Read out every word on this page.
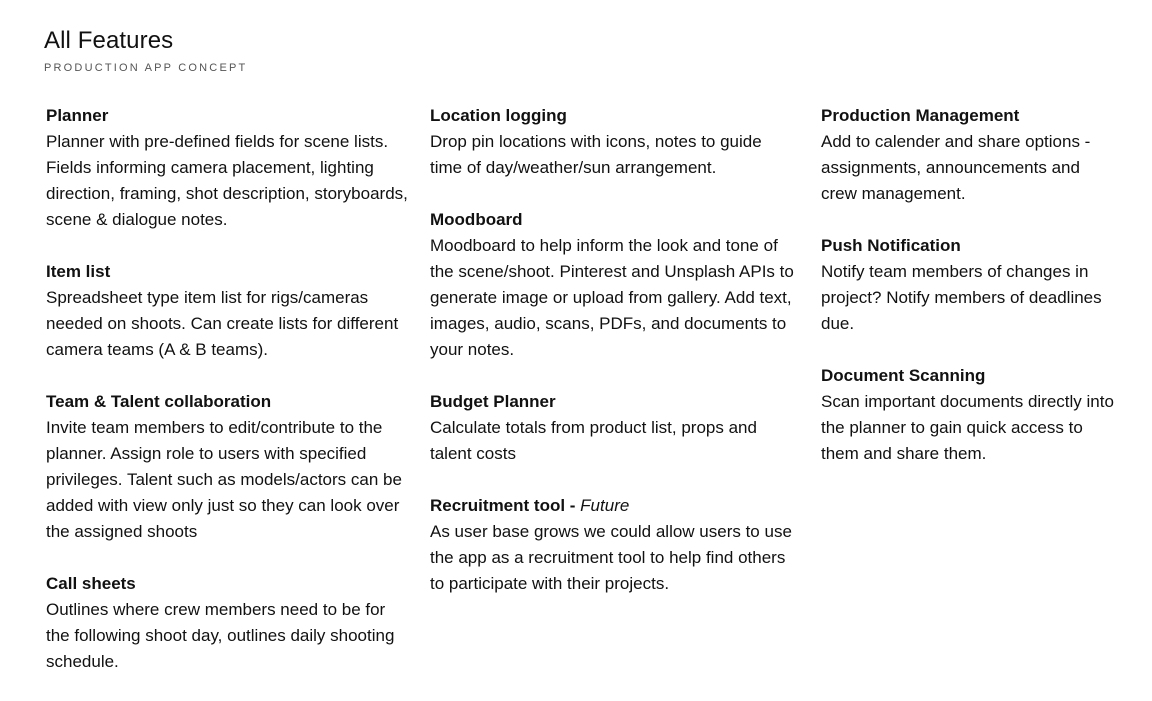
All Features
PRODUCTION APP CONCEPT
Planner
Planner with pre-defined fields for scene lists. Fields informing camera placement, lighting direction, framing, shot description, storyboards, scene & dialogue notes.
Item list
Spreadsheet type item list for rigs/cameras needed on shoots. Can create lists for different camera teams (A & B teams).
Team & Talent collaboration
Invite team members to edit/contribute to the planner. Assign role to users with specified privileges. Talent such as models/actors can be added with view only just so they can look over the assigned shoots
Call sheets
Outlines where crew members need to be for the following shoot day, outlines daily shooting schedule.
Location logging
Drop pin locations with icons, notes to guide time of day/weather/sun arrangement.
Moodboard
Moodboard to help inform the look and tone of the scene/shoot. Pinterest and Unsplash APIs to generate image or upload from gallery. Add text, images, audio, scans, PDFs, and documents to your notes.
Budget Planner
Calculate totals from product list, props and talent costs
Recruitment tool - Future
As user base grows we could allow users to use the app as a recruitment tool to help find others to participate with their projects.
Production Management
Add to calender and share options - assignments, announcements and crew management.
Push Notification
Notify team members of changes in project? Notify members of deadlines due.
Document Scanning
Scan important documents directly into the planner to gain quick access to them and share them.
